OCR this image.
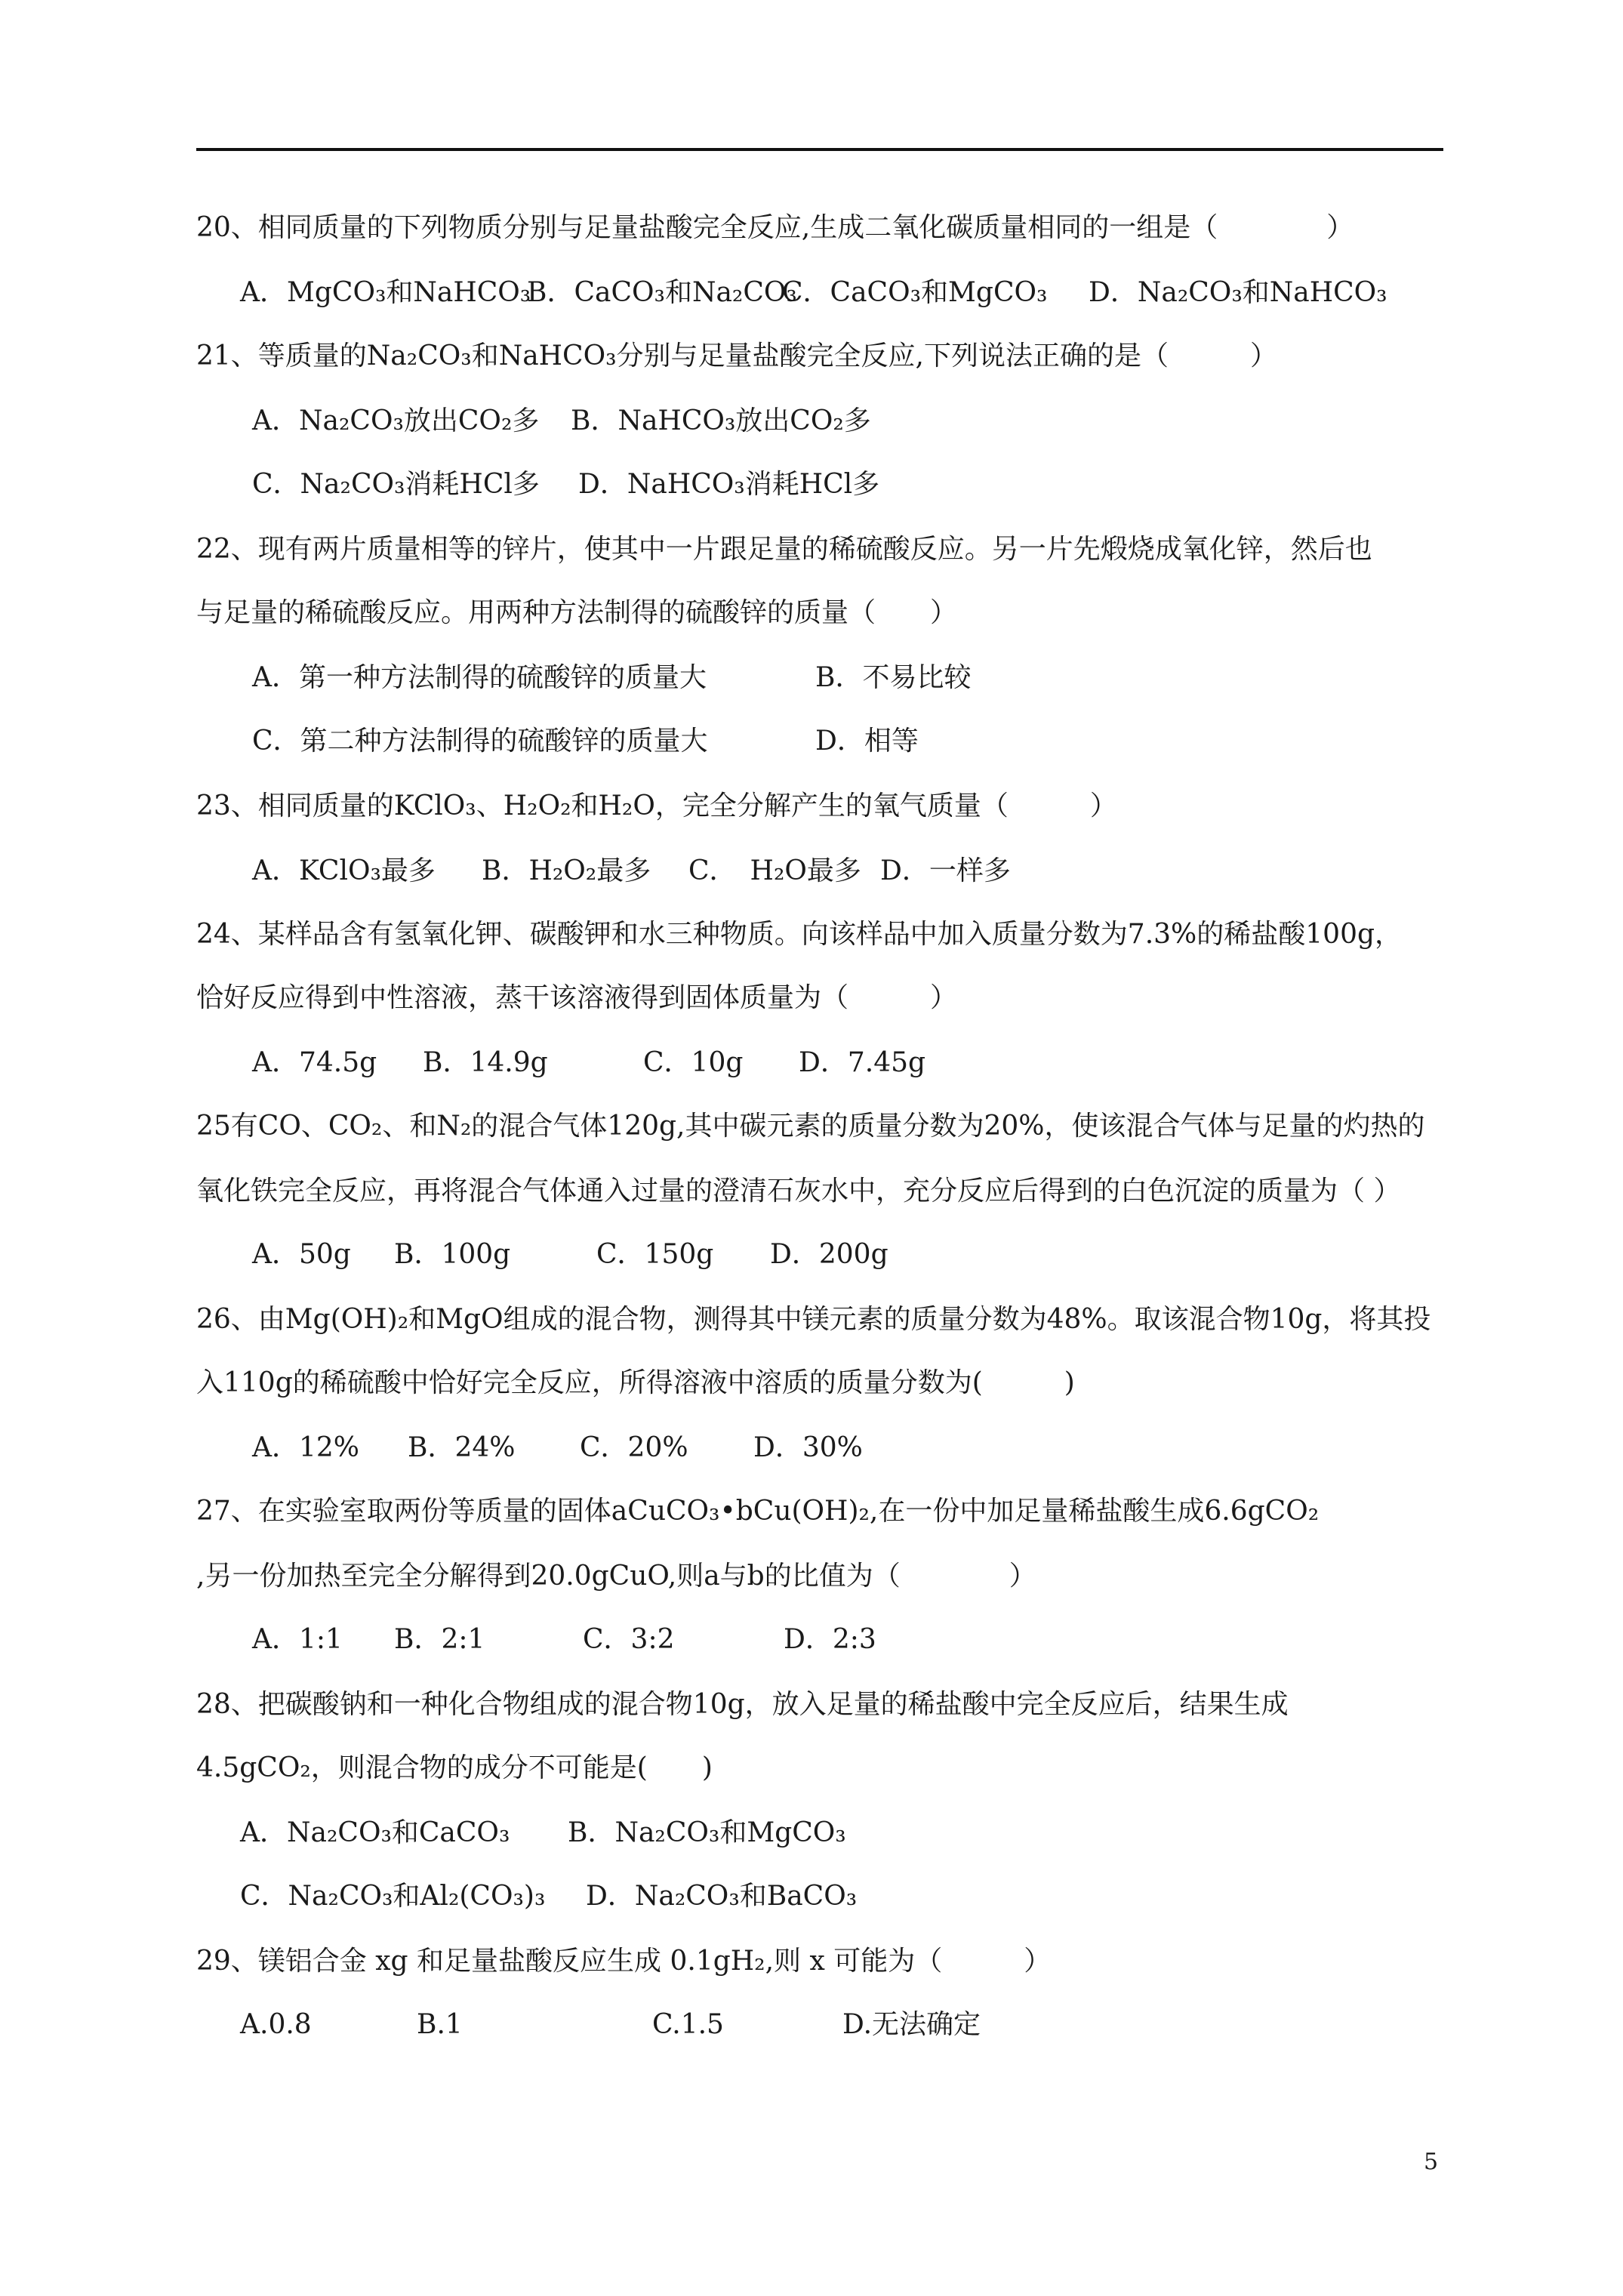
20、相同质量的下列物质分别与足量盐酸完全反应,生成二氧化碳质量相同的一组是（　　　　）
A．MgCO₃和NaHCO₃
B．CaCO₃和Na₂CO₃
C．CaCO₃和MgCO₃ D．Na₂CO₃和NaHCO₃
21、等质量的Na₂CO₃和NaHCO₃分别与足量盐酸完全反应,下列说法正确的是（　　　）
A．Na₂CO₃放出CO₂多 B．NaHCO₃放出CO₂多
C．Na₂CO₃消耗HCl多 D．NaHCO₃消耗HCl多
22、现有两片质量相等的锌片，使其中一片跟足量的稀硫酸反应。另一片先煅烧成氧化锌，然后也
与足量的稀硫酸反应。用两种方法制得的硫酸锌的质量（　　）
A．第一种方法制得的硫酸锌的质量大	B．不易比较
C．第二种方法制得的硫酸锌的质量大	D．相等
23、相同质量的KClO₃、H₂O₂和H₂O，完全分解产生的氧气质量（　　　）
A．KClO₃最多 B．H₂O₂最多 C．　H₂O最多 D．一样多
24、某样品含有氢氧化钾、碳酸钾和水三种物质。向该样品中加入质量分数为7.3%的稀盐酸100g，
恰好反应得到中性溶液，蒸干该溶液得到固体质量为（　　　）
A．74.5g B．14.9g	C．10g D．7.45g
25有CO、CO₂、和N₂的混合气体120g,其中碳元素的质量分数为20%，使该混合气体与足量的灼热的
氧化铁完全反应，再将混合气体通入过量的澄清石灰水中，充分反应后得到的白色沉淀的质量为（ ）
A．50g B．100g	C．150g D．200g
26、由Mg(OH)₂和MgO组成的混合物，测得其中镁元素的质量分数为48%。取该混合物10g，将其投
入110g的稀硫酸中恰好完全反应，所得溶液中溶质的质量分数为(　　　)
A．12% B．24% C．20% D．30%
27、在实验室取两份等质量的固体aCuCO₃•bCu(OH)₂,在一份中加足量稀盐酸生成6.6gCO₂
,另一份加热至完全分解得到20.0gCuO,则a与b的比值为（　　　　）
A．1:1 B．2:1	C．3:2	D．2:3
28、把碳酸钠和一种化合物组成的混合物10g，放入足量的稀盐酸中完全反应后，结果生成
4.5gCO₂，则混合物的成分不可能是(　　)
A．Na₂CO₃和CaCO₃ B．Na₂CO₃和MgCO₃
C．Na₂CO₃和Al₂(CO₃)₃ D．Na₂CO₃和BaCO₃
29、镁铝合金 xg 和足量盐酸反应生成 0.1gH₂,则 x 可能为（　　　）
A.0.8	B.1	C.1.5	D.无法确定
5
